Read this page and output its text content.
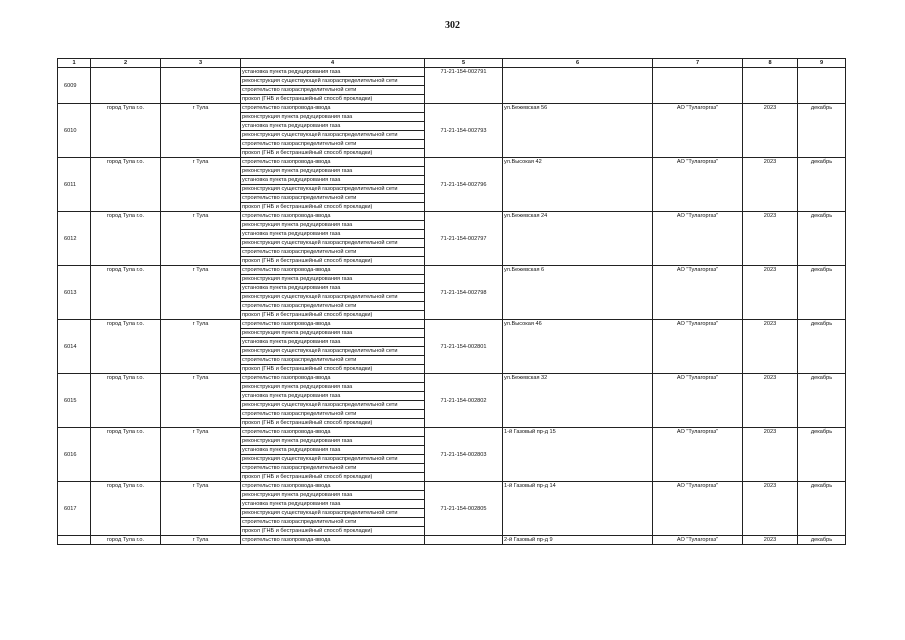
302
1	2	3	4	5	6	7	8	9
6009			установка пункта редуцирования газа	71-21-154-002791				
			реконструкция существующей газораспределительной сети					
			строительство газораспределительной сети					
			прокол (ГНБ и бестраншейный способ прокладки)					
6010	город Тула г.о.	г Тула	строительство газопровода-ввода	71-21-154-002793	ул.Бежевская 56	АО "Тулагоргаз"	2023	декабрь
			реконструкция пункта редуцирования газа					
			установка пункта редуцирования газа					
			реконструкция существующей газораспределительной сети					
			строительство газораспределительной сети					
			прокол (ГНБ и бестраншейный способ прокладки)					
6011	город Тула г.о.	г Тула	строительство газопровода-ввода	71-21-154-002796	ул.Высокая 42	АО "Тулагоргаз"	2023	декабрь
			реконструкция пункта редуцирования газа					
			установка пункта редуцирования газа					
			реконструкция существующей газораспределительной сети					
			строительство газораспределительной сети					
			прокол (ГНБ и бестраншейный способ прокладки)					
6012	город Тула г.о.	г Тула	строительство газопровода-ввода	71-21-154-002797	ул.Бежевская 24	АО "Тулагоргаз"	2023	декабрь
			реконструкция пункта редуцирования газа					
			установка пункта редуцирования газа					
			реконструкция существующей газораспределительной сети					
			строительство газораспределительной сети					
			прокол (ГНБ и бестраншейный способ прокладки)					
6013	город Тула г.о.	г Тула	строительство газопровода-ввода	71-21-154-002798	ул.Бежевская 6	АО "Тулагоргаз"	2023	декабрь
			реконструкция пункта редуцирования газа					
			установка пункта редуцирования газа					
			реконструкция существующей газораспределительной сети					
			строительство газораспределительной сети					
			прокол (ГНБ и бестраншейный способ прокладки)					
6014	город Тула г.о.	г Тула	строительство газопровода-ввода	71-21-154-002801	ул.Высокая 46	АО "Тулагоргаз"	2023	декабрь
			реконструкция пункта редуцирования газа					
			установка пункта редуцирования газа					
			реконструкция существующей газораспределительной сети					
			строительство газораспределительной сети					
			прокол (ГНБ и бестраншейный способ прокладки)					
6015	город Тула г.о.	г Тула	строительство газопровода-ввода	71-21-154-002802	ул.Бежевская 32	АО "Тулагоргаз"	2023	декабрь
			реконструкция пункта редуцирования газа					
			установка пункта редуцирования газа					
			реконструкция существующей газораспределительной сети					
			строительство газораспределительной сети					
			прокол (ГНБ и бестраншейный способ прокладки)					
6016	город Тула г.о.	г Тула	строительство газопровода-ввода	71-21-154-002803	1-й Газовый пр-д 15	АО "Тулагоргаз"	2023	декабрь
			реконструкция пункта редуцирования газа					
			установка пункта редуцирования газа					
			реконструкция существующей газораспределительной сети					
			строительство газораспределительной сети					
			прокол (ГНБ и бестраншейный способ прокладки)					
6017	город Тула г.о.	г Тула	строительство газопровода-ввода	71-21-154-002805	1-й Газовый пр-д 14	АО "Тулагоргаз"	2023	декабрь
			реконструкция пункта редуцирования газа					
			установка пункта редуцирования газа					
			реконструкция существующей газораспределительной сети					
			строительство газораспределительной сети					
			прокол (ГНБ и бестраншейный способ прокладки)					
	город Тула г.о.	г Тула	строительство газопровода-ввода		2-й Газовый пр-д 9	АО "Тулагоргаз"	2023	декабрь
